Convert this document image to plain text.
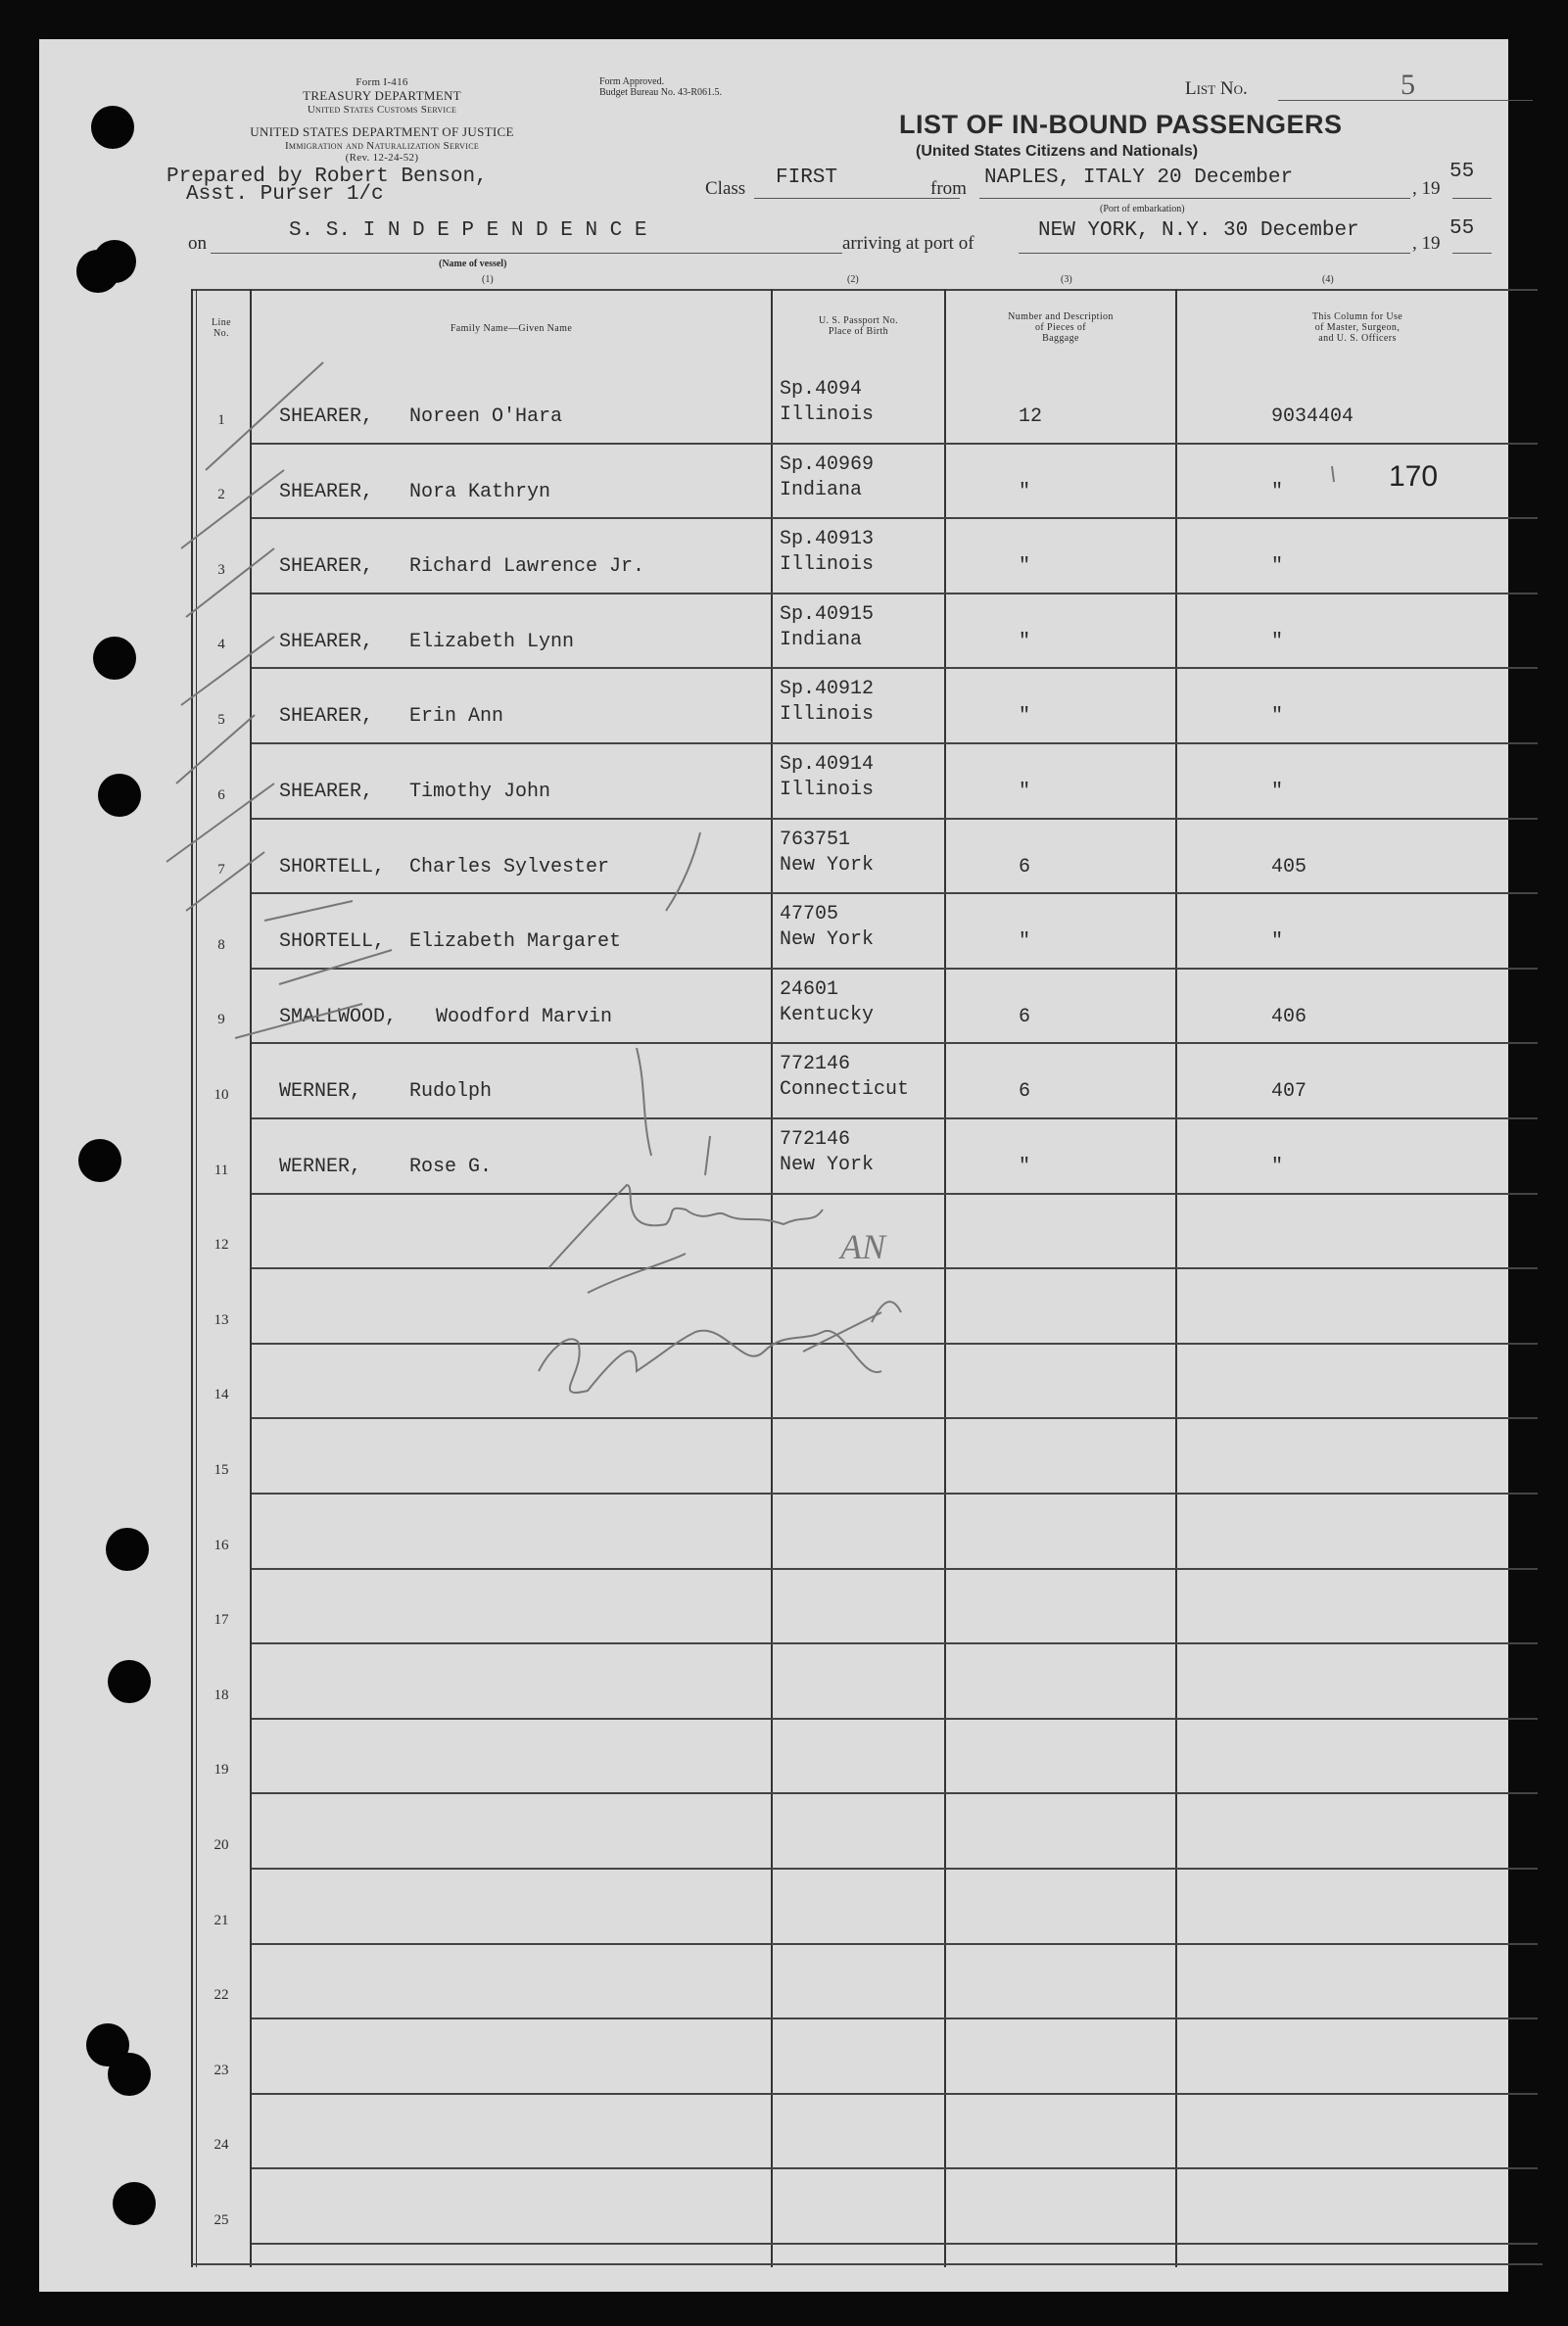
Form I-416
TREASURY DEPARTMENT
United States Customs Service
UNITED STATES DEPARTMENT OF JUSTICE
Immigration and Naturalization Service
(Rev. 12-24-52)
Form Approved.
Budget Bureau No. 43-R061.5.
Prepared by Robert Benson,
Asst. Purser 1/c
List No.	5
LIST OF IN-BOUND PASSENGERS
(United States Citizens and Nationals)
Class FIRST	from NAPLES, ITALY 20 December	, 19
55
(Port of embarkation)
on
S. S. I N D E P E N D E N C E
arriving at port of
NEW YORK, N.Y. 30 December
, 19
55
(Name of vessel)
(1)	(2)	(3)	(4)
Line
No.	Family Name—Given Name
U. S. Passport No.
Place of Birth
Number and Description
of Pieces of
Baggage
This Column for Use
of Master, Surgeon,
and U. S. Officers
1	SHEARER, Noreen O'Hara
Sp.4094
Illinois	12	9034404
2	SHEARER, Nora Kathryn
Sp.40969
Indiana	"	"
3	SHEARER, Richard Lawrence Jr.
Sp.40913
Illinois	"	"
4	SHEARER, Elizabeth Lynn
Sp.40915
Indiana	"	"
5	SHEARER, Erin Ann
Sp.40912
Illinois	"	"
6	SHEARER, Timothy John
Sp.40914
Illinois	"	"
7	SHORTELL, Charles Sylvester
763751
New York	6	405
8	SHORTELL, Elizabeth Margaret
47705
New York	"	"
9	SMALLWOOD, Woodford Marvin
24601
Kentucky	6	406
10	WERNER, Rudolph
772146
Connecticut	6	407
11	WERNER, Rose G.
772146
New York	"	"
12
13
14
15
16
17
18
19
20
21
22
23
24
25
170
AN
